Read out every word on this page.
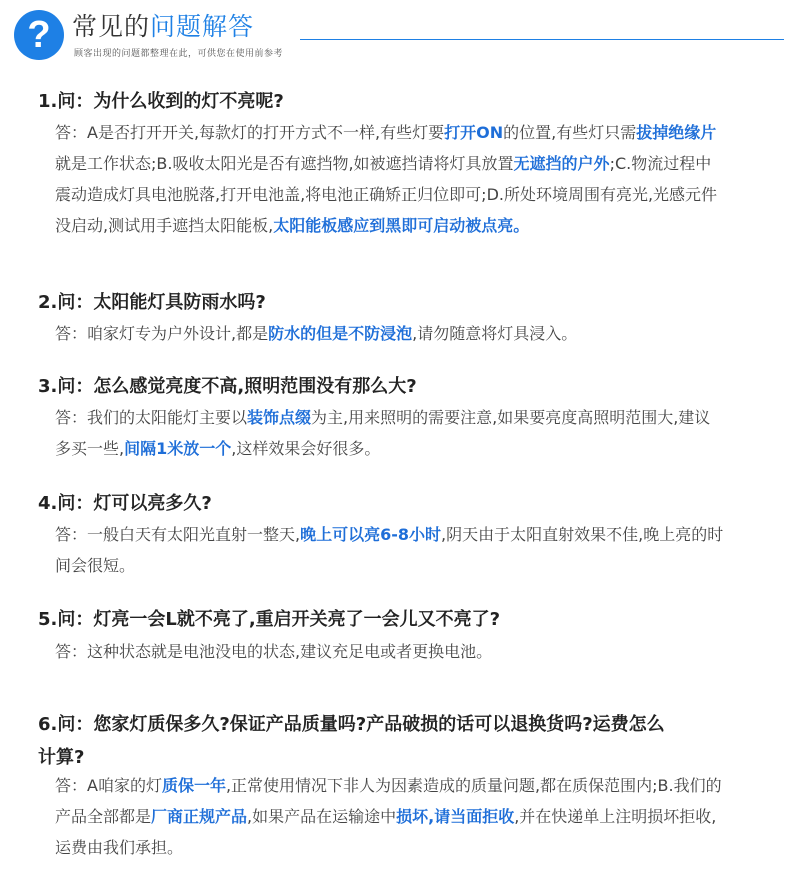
? 常见的问题解答
顾客出现的问题都整理在此，可供您在使用前参考
1.问：为什么收到的灯不亮呢?
答：A是否打开开关,每款灯的打开方式不一样,有些灯要打开ON的位置,有些灯只需拔掉绝缘片就是工作状态;B.吸收太阳光是否有遮挡物,如被遮挡请将灯具放置无遮挡的户外;C.物流过程中震动造成灯具电池脱落,打开电池盖,将电池正确矫正归位即可;D.所处环境周围有亮光,光感元件没启动,测试用手遮挡太阳能板,太阳能板感应到黑即可启动被点亮。
2.问：太阳能灯具防雨水吗?
答：咱家灯专为户外设计,都是防水的但是不防浸泡,请勿随意将灯具浸入。
3.问：怎么感觉亮度不高,照明范围没有那么大?
答：我们的太阳能灯主要以装饰点缀为主,用来照明的需要注意,如果要亮度高照明范围大,建议多买一些,间隔1米放一个,这样效果会好很多。
4.问：灯可以亮多久?
答：一般白天有太阳光直射一整天,晚上可以亮6-8小时,阴天由于太阳直射效果不佳,晚上亮的时间会很短。
5.问：灯亮一会L就不亮了,重启开关亮了一会儿又不亮了?
答：这种状态就是电池没电的状态,建议充足电或者更换电池。
6.问：您家灯质保多久?保证产品质量吗?产品破损的话可以退换货吗?运费怎么计算?
答：A咱家的灯质保一年,正常使用情况下非人为因素造成的质量问题,都在质保范围内;B.我们的产品全部都是厂商正规产品,如果产品在运输途中损坏,请当面拒收,并在快递单上注明损坏拒收,运费由我们承担。
